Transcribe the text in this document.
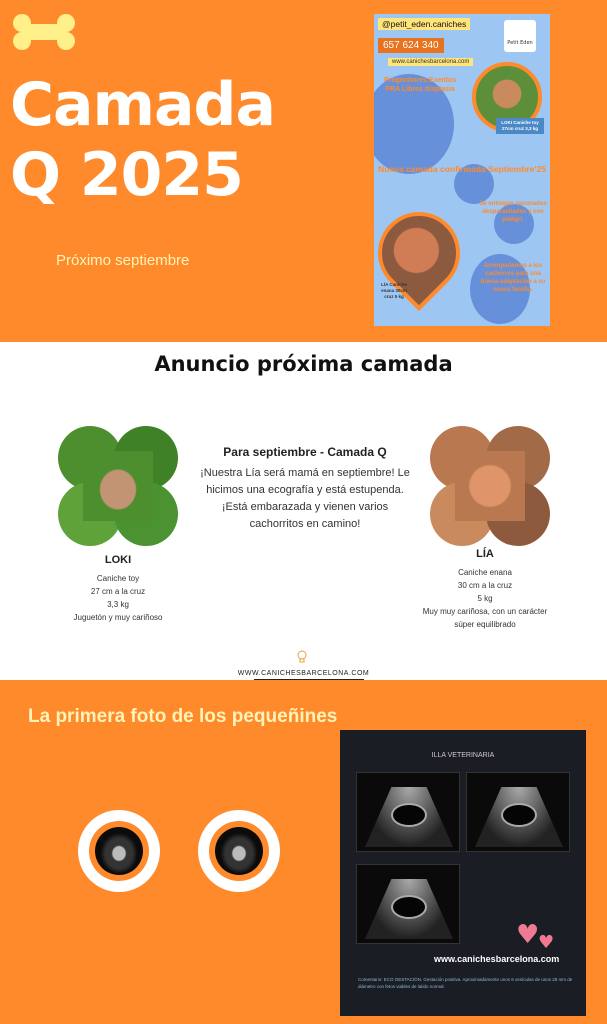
Camada
Q 2025
Próximo septiembre
@petit_eden.caniches
657 624 340
www.canichesbarcelona.com
Petit Eden
Progenitores Exentos PRA Libres displasia
LOKI Caniche toy 27cm cruz 3,3 kg
Nueva camada confirmada Septiembre'25
Se entregan vacunados desparasitados y con pedigrí.
Acompañamos a los cachorros para una buena adaptación a su nueva familia.
LÍA Caniche enana 30cm cruz 5 kg
Anuncio próxima camada
LOKI
Caniche toy
27 cm a la cruz
3,3 kg
Juguetón y muy cariñoso
Para septiembre - Camada Q
¡Nuestra Lía será mamá en septiembre! Le hicimos una ecografía y está estupenda. ¡Está embarazada y vienen varios cachorritos en camino!
LÍA
Caniche enana
30 cm a la cruz
5 kg
Muy muy cariñosa, con un carácter
súper equilibrado
WWW.CANICHESBARCELONA.COM
La primera foto de los pequeñines
ILLA VETERINARIA
♥
♥
www.canichesbarcelona.com
Comentario: ECO GESTACIÓN. Gestación positiva. Aproximadamente unos 6 vesículas de unos 28 mm de diámetro con fetos viables de latido normal.
